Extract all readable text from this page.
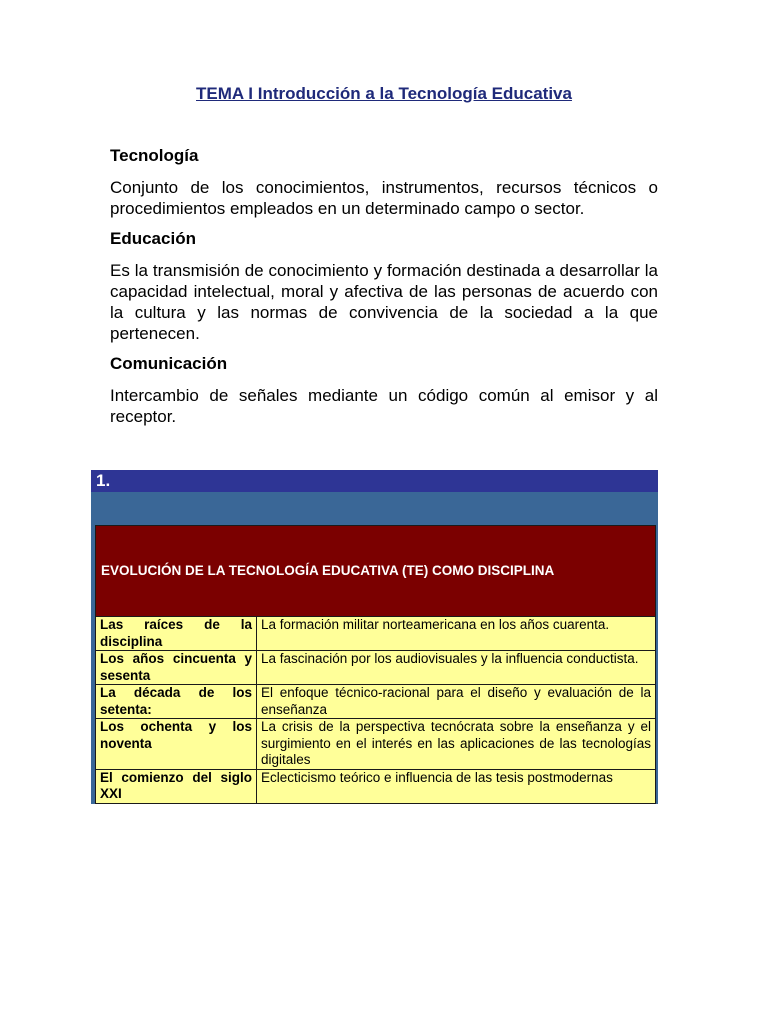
TEMA I Introducción a la Tecnología Educativa
Tecnología
Conjunto de los conocimientos, instrumentos, recursos técnicos o procedimientos empleados en un determinado campo o sector.
Educación
Es la transmisión de conocimiento y formación destinada a desarrollar la capacidad intelectual, moral y afectiva de las personas de acuerdo con la cultura y las normas de convivencia de la sociedad a la que pertenecen.
Comunicación
Intercambio de señales mediante un código común al emisor y al receptor.
1.
EVOLUCIÓN DE LA TECNOLOGÍA EDUCATIVA (TE) COMO DISCIPLINA
Las raíces de la disciplina	La formación militar norteamericana en los años cuarenta.
Los años cincuenta y sesenta	La fascinación por los audiovisuales y la influencia conductista.
La década de los setenta:	El enfoque técnico-racional para el diseño y evaluación de la enseñanza
Los ochenta y los noventa	La crisis de la perspectiva tecnócrata sobre la enseñanza y el surgimiento en el interés en las aplicaciones de las tecnologías digitales
El comienzo del siglo XXI	Eclecticismo teórico e influencia de las tesis postmodernas
